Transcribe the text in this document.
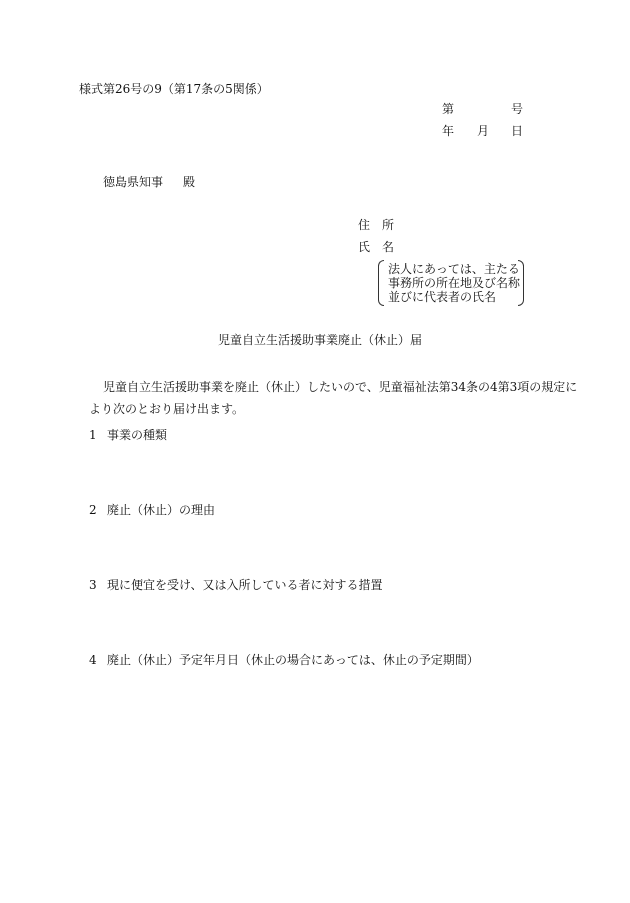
様式第26号の9（第17条の5関係）
第	号
年 月 日
徳島県知事 殿
住　所
氏　名
法人にあっては、主たる
事務所の所在地及び名称
並びに代表者の氏名
児童自立生活援助事業廃止（休止）届
児童自立生活援助事業を廃止（休止）したいので、児童福祉法第34条の4第3項の規定に
より次のとおり届け出ます。
1 事業の種類
2 廃止（休止）の理由
3 現に便宜を受け、又は入所している者に対する措置
4 廃止（休止）予定年月日（休止の場合にあっては、休止の予定期間）
